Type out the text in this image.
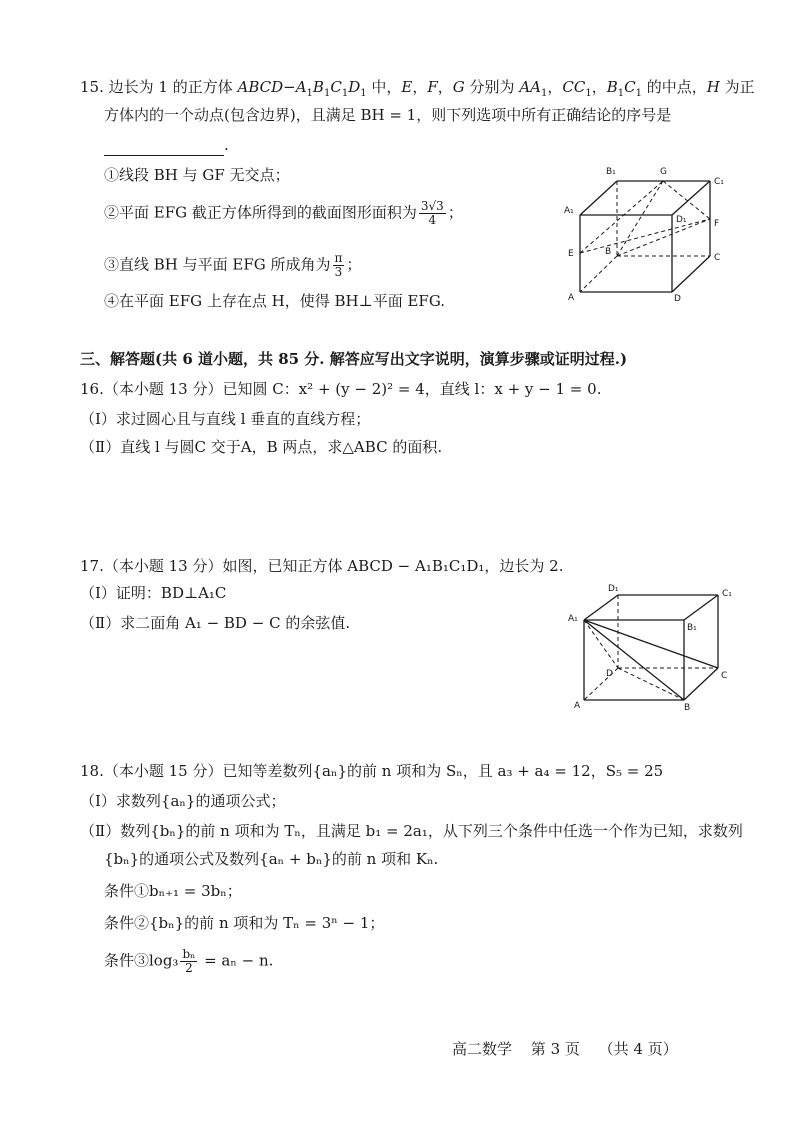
15. 边长为 1 的正方体 $ABCD-A_1B_1C_1D_1$ 中，E，F，G 分别为 $AA_1$，$CC_1$，$B_1C_1$ 的中点，H 为正
方体内的一个动点(包含边界)，且满足 BH = 1，则下列选项中所有正确结论的序号是
.
①线段 BH 与 GF 无交点；
②平面 EFG 截正方体所得到的截面图形面积为 $\frac{3√3}{4}$ ；
③直线 BH 与平面 EFG 所成角为 $\frac{\pi}{3}$ ；
④在平面 EFG 上存在点 H，使得 BH⊥平面 EFG.
B₁	G
C₁
A₁
D₁	F
E	B
C
A	D
三、解答题(共 6 道小题，共 85 分. 解答应写出文字说明，演算步骤或证明过程.)
16.（本小题 13 分）已知圆 C：x² + (y − 2)² = 4，直线 l：x + y − 1 = 0.
（Ⅰ）求过圆心且与直线 l 垂直的直线方程；
（Ⅱ）直线 l 与圆C 交于A，B 两点，求△ABC 的面积.
17.（本小题 13 分）如图，已知正方体 ABCD − A₁B₁C₁D₁，边长为 2.
（Ⅰ）证明：BD⊥A₁C
（Ⅱ）求二面角 A₁ − BD − C 的余弦值.
D₁	C₁
A₁
B₁
D	C
A	B
18.（本小题 15 分）已知等差数列{aₙ}的前 n 项和为 Sₙ，且 a₃ + a₄ = 12，S₅ = 25
（Ⅰ）求数列{aₙ}的通项公式；
（Ⅱ）数列{bₙ}的前 n 项和为 Tₙ，且满足 b₁ = 2a₁，从下列三个条件中任选一个作为已知，求数列
{bₙ}的通项公式及数列{aₙ + bₙ}的前 n 项和 Kₙ.
条件①bₙ₊₁ = 3bₙ；
条件②{bₙ}的前 n 项和为 Tₙ = 3ⁿ − 1；
条件③log₃ $\frac{\text{bₙ}}{2} = a_n - n$.
高二数学 第 3 页 （共 4 页）
